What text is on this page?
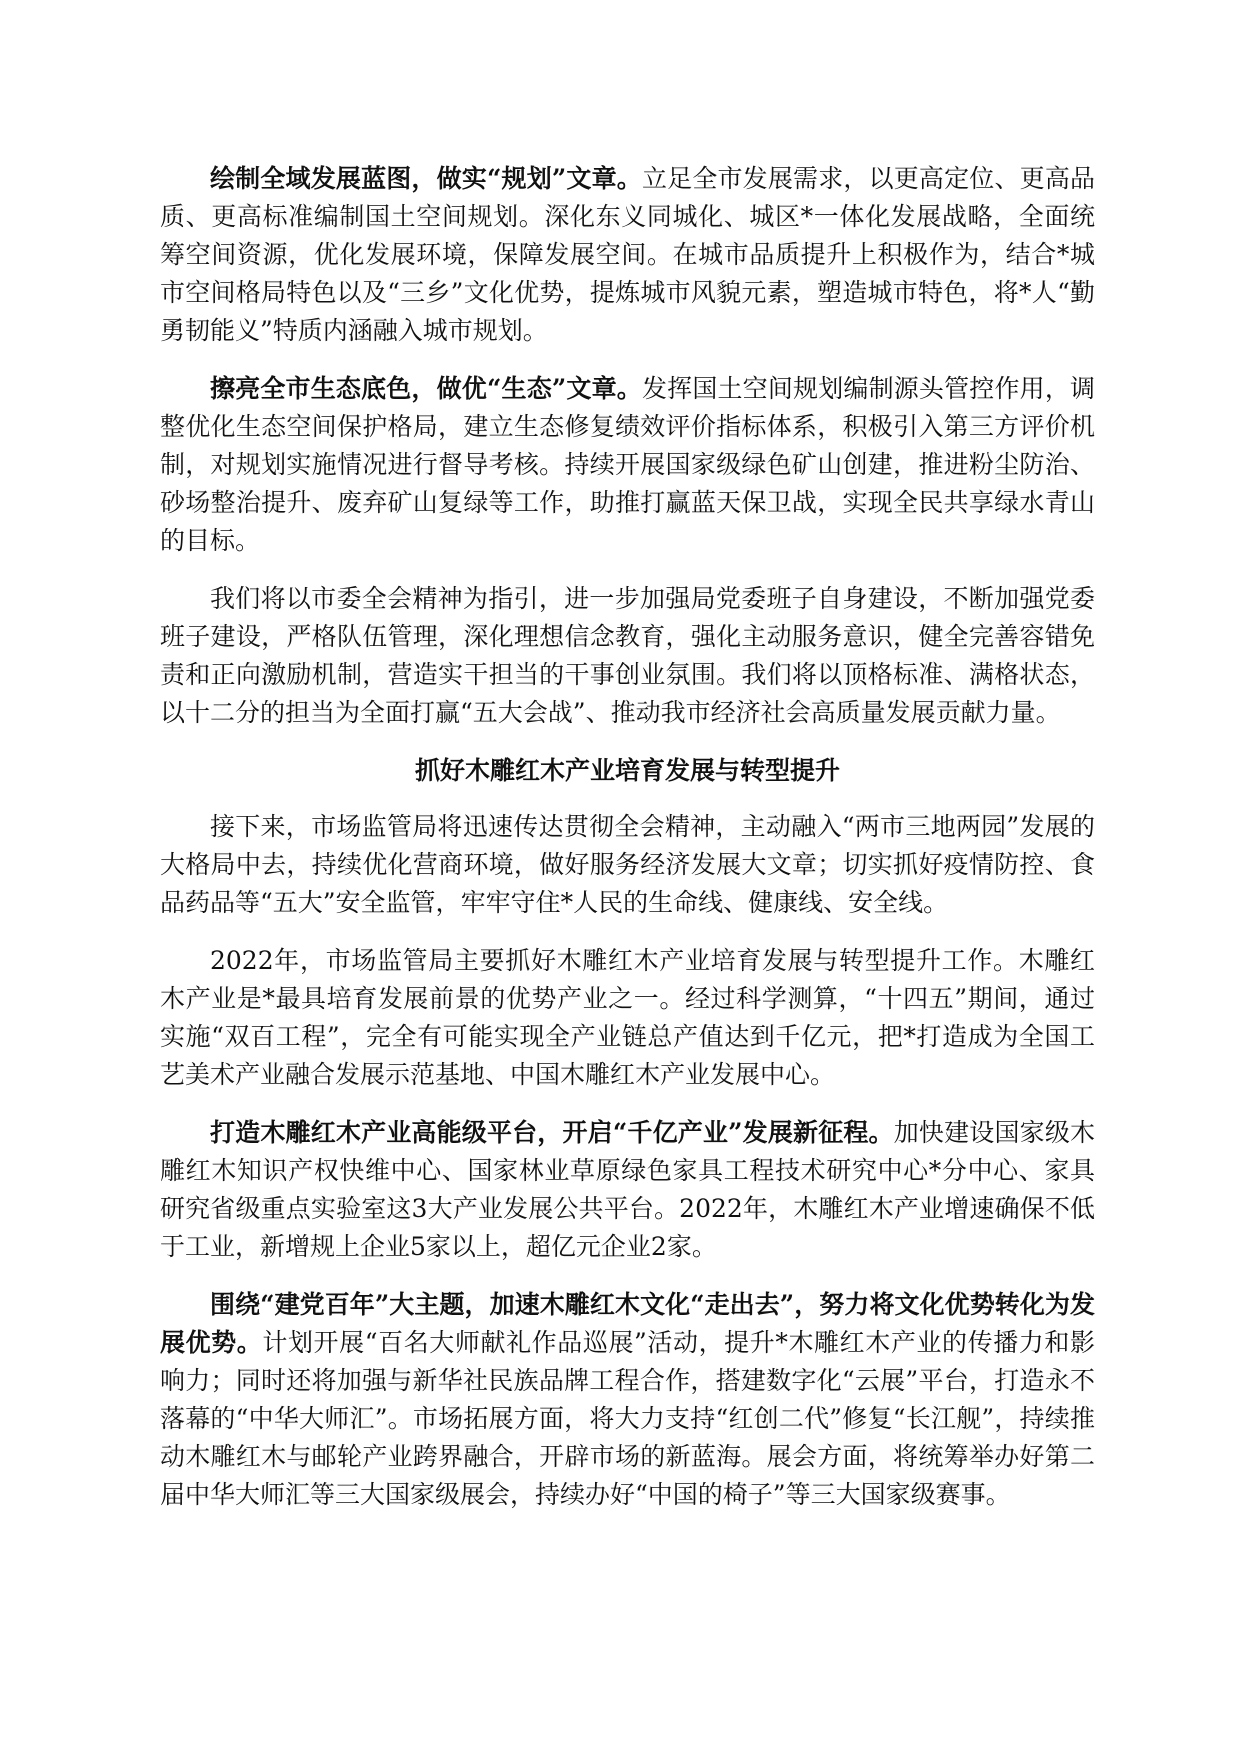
绘制全域发展蓝图，做实“规划”文章。立足全市发展需求，以更高定位、更高品质、更高标准编制国土空间规划。深化东义同城化、城区*一体化发展战略，全面统筹空间资源，优化发展环境，保障发展空间。在城市品质提升上积极作为，结合*城市空间格局特色以及“三乡”文化优势，提炼城市风貌元素，塑造城市特色，将*人“勤勇韧能义”特质内涵融入城市规划。

擦亮全市生态底色，做优“生态”文章。发挥国土空间规划编制源头管控作用，调整优化生态空间保护格局，建立生态修复绩效评价指标体系，积极引入第三方评价机制，对规划实施情况进行督导考核。持续开展国家级绿色矿山创建，推进粉尘防治、砂场整治提升、废弃矿山复绿等工作，助推打赢蓝天保卫战，实现全民共享绿水青山的目标。

我们将以市委全会精神为指引，进一步加强局党委班子自身建设，不断加强党委班子建设，严格队伍管理，深化理想信念教育，强化主动服务意识，健全完善容错免责和正向激励机制，营造实干担当的干事创业氛围。我们将以顶格标准、满格状态，以十二分的担当为全面打赢“五大会战”、推动我市经济社会高质量发展贡献力量。

抓好木雕红木产业培育发展与转型提升

接下来，市场监管局将迅速传达贯彻全会精神，主动融入“两市三地两园”发展的大格局中去，持续优化营商环境，做好服务经济发展大文章；切实抓好疫情防控、食品药品等“五大”安全监管，牢牢守住*人民的生命线、健康线、安全线。

2022年，市场监管局主要抓好木雕红木产业培育发展与转型提升工作。木雕红木产业是*最具培育发展前景的优势产业之一。经过科学测算，“十四五”期间，通过实施“双百工程”，完全有可能实现全产业链总产值达到千亿元，把*打造成为全国工艺美术产业融合发展示范基地、中国木雕红木产业发展中心。

打造木雕红木产业高能级平台，开启“千亿产业”发展新征程。加快建设国家级木雕红木知识产权快维中心、国家林业草原绿色家具工程技术研究中心*分中心、家具研究省级重点实验室这3大产业发展公共平台。2022年，木雕红木产业增速确保不低于工业，新增规上企业5家以上，超亿元企业2家。

围绕“建党百年”大主题，加速木雕红木文化“走出去”，努力将文化优势转化为发展优势。计划开展“百名大师献礼作品巡展”活动，提升*木雕红木产业的传播力和影响力；同时还将加强与新华社民族品牌工程合作，搭建数字化“云展”平台，打造永不落幕的“中华大师汇”。市场拓展方面，将大力支持“红创二代”修复“长江舰”，持续推动木雕红木与邮轮产业跨界融合，开辟市场的新蓝海。展会方面，将统筹举办好第二届中华大师汇等三大国家级展会，持续办好“中国的椅子”等三大国家级赛事。
